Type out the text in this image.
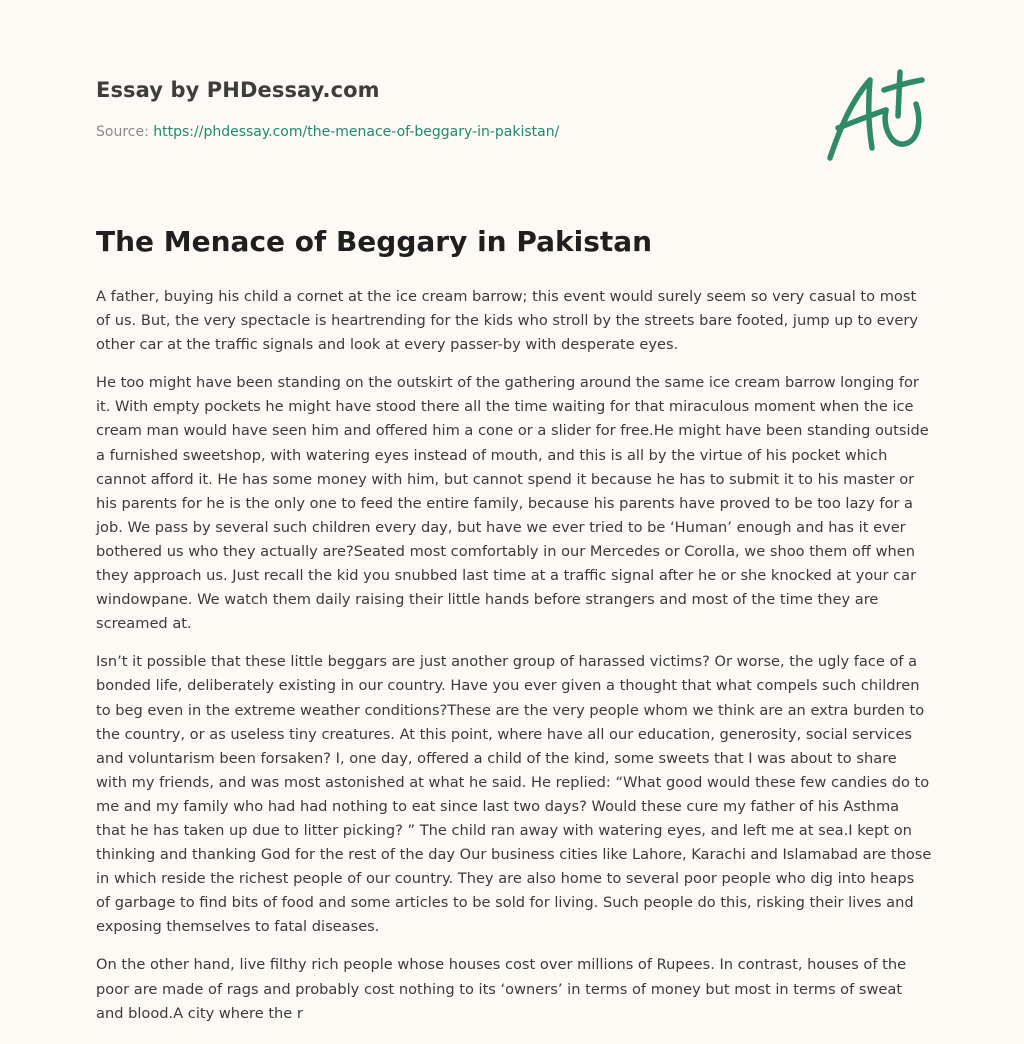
Essay by PHDessay.com
Source: https://phdessay.com/the-menace-of-beggary-in-pakistan/
The Menace of Beggary in Pakistan

A father, buying his child a cornet at the ice cream barrow; this event would surely seem so very casual to most of us. But, the very spectacle is heartrending for the kids who stroll by the streets bare footed, jump up to every other car at the traffic signals and look at every passer-by with desperate eyes.

He too might have been standing on the outskirt of the gathering around the same ice cream barrow longing for it. With empty pockets he might have stood there all the time waiting for that miraculous moment when the ice cream man would have seen him and offered him a cone or a slider for free.He might have been standing outside a furnished sweetshop, with watering eyes instead of mouth, and this is all by the virtue of his pocket which cannot afford it. He has some money with him, but cannot spend it because he has to submit it to his master or his parents for he is the only one to feed the entire family, because his parents have proved to be too lazy for a job. We pass by several such children every day, but have we ever tried to be ‘Human’ enough and has it ever bothered us who they actually are?Seated most comfortably in our Mercedes or Corolla, we shoo them off when they approach us. Just recall the kid you snubbed last time at a traffic signal after he or she knocked at your car windowpane. We watch them daily raising their little hands before strangers and most of the time they are screamed at.

Isn’t it possible that these little beggars are just another group of harassed victims? Or worse, the ugly face of a bonded life, deliberately existing in our country. Have you ever given a thought that what compels such children to beg even in the extreme weather conditions?These are the very people whom we think are an extra burden to the country, or as useless tiny creatures. At this point, where have all our education, generosity, social services and voluntarism been forsaken? I, one day, offered a child of the kind, some sweets that I was about to share with my friends, and was most astonished at what he said. He replied: “What good would these few candies do to me and my family who had had nothing to eat since last two days? Would these cure my father of his Asthma that he has taken up due to litter picking? ” The child ran away with watering eyes, and left me at sea.I kept on thinking and thanking God for the rest of the day Our business cities like Lahore, Karachi and Islamabad are those in which reside the richest people of our country. They are also home to several poor people who dig into heaps of garbage to find bits of food and some articles to be sold for living. Such people do this, risking their lives and exposing themselves to fatal diseases.

On the other hand, live filthy rich people whose houses cost over millions of Rupees. In contrast, houses of the poor are made of rags and probably cost nothing to its ‘owners’ in terms of money but most in terms of sweat and blood.A city where the r
